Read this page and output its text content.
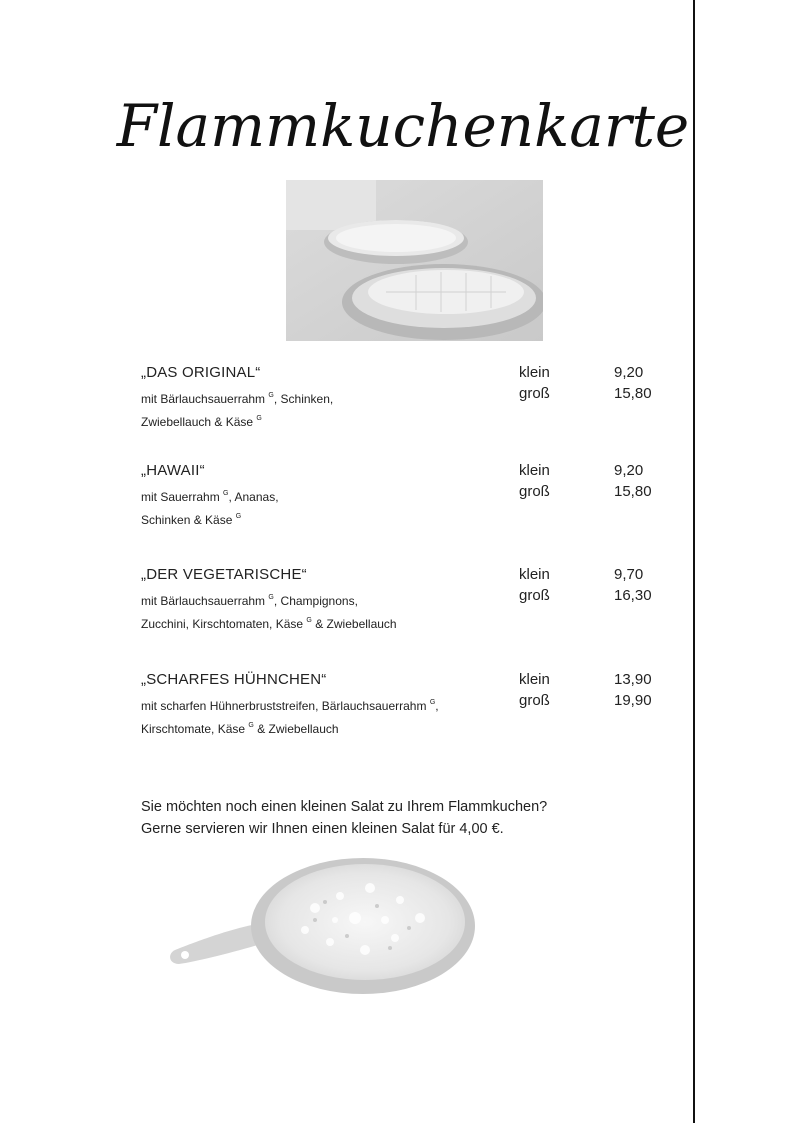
Flammkuchenkarte
„DAS ORIGINAL“
mit Bärlauchsauerrahm $^G$, Schinken,
Zwiebellauch & Käse $^G$
klein	9,20
groß	15,80
„HAWAII“
mit Sauerrahm $^G$, Ananas,
Schinken & Käse $^G$
klein	9,20
groß	15,80
„DER VEGETARISCHE“
mit Bärlauchsauerrahm $^G$, Champignons,
Zucchini, Kirschtomaten, Käse $^G$ & Zwiebellauch
klein	9,70
groß	16,30
„SCHARFES HÜHNCHEN“
mit scharfen Hühnerbruststreifen, Bärlauchsauerrahm $^G$,
Kirschtomate, Käse $^G$ & Zwiebellauch
klein	13,90
groß	19,90
Sie möchten noch einen kleinen Salat zu Ihrem Flammkuchen?
Gerne servieren wir Ihnen einen kleinen Salat für 4,00 €.
